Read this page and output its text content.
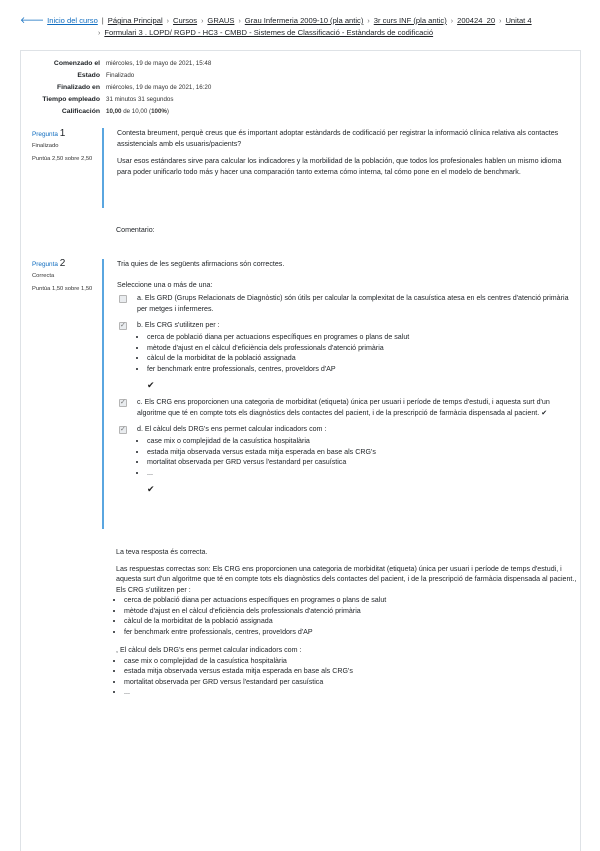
🡐 Inicio del curso | Página Principal › Cursos › GRAUS › Grau Infermeria 2009-10 (pla antic) › 3r curs INF (pla antic) › 200424_20 › Unitat 4
› Formulari 3 . LOPD/ RGPD - HC3 - CMBD - Sistemes de Classificació - Estàndards de codificació
Comenzado el miércoles, 19 de mayo de 2021, 15:48
Estado Finalizado
Finalizado en miércoles, 19 de mayo de 2021, 16:20
Tiempo empleado 31 minutos 31 segundos
Calificación 10,00 de 10,00 (100%)
Pregunta 1
Finalizado
Puntúa 2,50 sobre 2,50

Contesta breument, perquè creus que és important adoptar estàndards de codificació per registrar la informació clínica relativa als contactes assistencials amb els usuaris/pacients?

Usar esos estándares sirve para calcular los indicadores y la morbilidad de la población, que todos los profesionales hablen un mismo idioma para poder unificarlo todo más y hacer una comparación tanto externa cómo interna, tal cómo pone en el modelo de benchmark.

Comentario:
Pregunta 2
Correcta
Puntúa 1,50 sobre 1,50

Tria quies de les següents afirmacions són correctes.

Seleccione una o más de una:

a. Els GRD (Grups Relacionats de Diagnòstic) són útils per calcular la complexitat de la casuística atesa en els centres d'atenció primària per metges i infermeres.
✓
b. Els CRG s'utilitzen per :
• cerca de població diana per actuacions específiques en programes o plans de salut
• mètode d'ajust en el càlcul d'eficiència dels professionals d'atenció primària
• càlcul de la morbiditat de la població assignada
• fer benchmark entre professionals, centres, proveïdors d'AP
✔
✓
c. Els CRG ens proporcionen una categoria de morbiditat (etiqueta) única per usuari i període de temps d'estudi, i aquesta surt d'un algoritme que té en compte tots els diagnòstics dels contactes del pacient, i de la prescripció de farmàcia dispensada al pacient. ✔
✓
d. El càlcul dels DRG's ens permet calcular indicadors com :
• case mix o complejidad de la casuística hospitalària
• estada mitja observada versus estada mitja esperada en base als CRG's
• mortalitat observada per GRD versus l'estandard per casuística
• ...
✔

La teva resposta és correcta.

Las respuestas correctas son: Els CRG ens proporcionen una categoria de morbiditat (etiqueta) única per usuari i període de temps d'estudi, i aquesta surt d'un algoritme que té en compte tots els diagnòstics dels contactes del pacient, i de la prescripció de farmàcia dispensada al pacient., Els CRG s'utilitzen per :

• cerca de població diana per actuacions específiques en programes o plans de salut
• mètode d'ajust en el càlcul d'eficiència dels professionals d'atenció primària
• càlcul de la morbiditat de la població assignada
• fer benchmark entre professionals, centres, proveïdors d'AP

, El càlcul dels DRG's ens permet calcular indicadors com :

• case mix o complejidad de la casuística hospitalària
• estada mitja observada versus estada mitja esperada en base als CRG's
• mortalitat observada per GRD versus l'estandard per casuística
• ...
